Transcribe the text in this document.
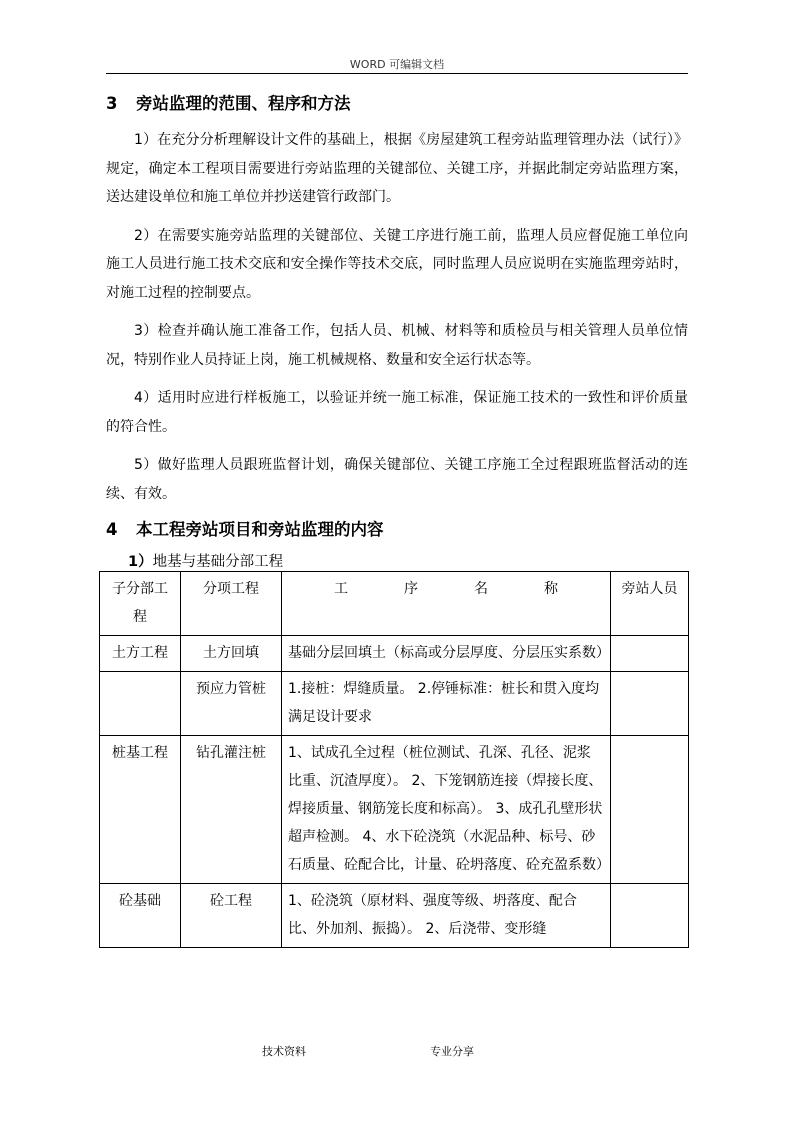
WORD 可编辑文档
3 旁站监理的范围、程序和方法

1）在充分分析理解设计文件的基础上，根据《房屋建筑工程旁站监理管理办法（试行）》规定，确定本工程项目需要进行旁站监理的关键部位、关键工序，并据此制定旁站监理方案，送达建设单位和施工单位并抄送建管行政部门。

2）在需要实施旁站监理的关键部位、关键工序进行施工前，监理人员应督促施工单位向施工人员进行施工技术交底和安全操作等技术交底，同时监理人员应说明在实施监理旁站时，对施工过程的控制要点。

3）检查并确认施工准备工作，包括人员、机械、材料等和质检员与相关管理人员单位情况，特别作业人员持证上岗，施工机械规格、数量和安全运行状态等。

4）适用时应进行样板施工，以验证并统一施工标准，保证施工技术的一致性和评价质量的符合性。

5）做好监理人员跟班监督计划，确保关键部位、关键工序施工全过程跟班监督活动的连续、有效。

4 本工程旁站项目和旁站监理的内容
1）地基与基础分部工程
子分部工程	分项工程	工 序 名 称	旁站人员
土方工程	土方回填	基础分层回填土（标高或分层厚度、分层压实系数）	
	预应力管桩	1.接桩：焊缝质量。 2.停锤标准：桩长和贯入度均满足设计要求	
桩基工程	钻孔灌注桩	1、试成孔全过程（桩位测试、孔深、孔径、泥浆比重、沉渣厚度）。 2、下笼钢筋连接（焊接长度、焊接质量、钢筋笼长度和标高）。 3、成孔孔壁形状超声检测。 4、水下砼浇筑（水泥品种、标号、砂石质量、砼配合比，计量、砼坍落度、砼充盈系数）	
砼基础	砼工程	1、砼浇筑（原材料、强度等级、坍落度、配合比、外加剂、振捣）。 2、后浇带、变形缝	
技术资料	专业分享
